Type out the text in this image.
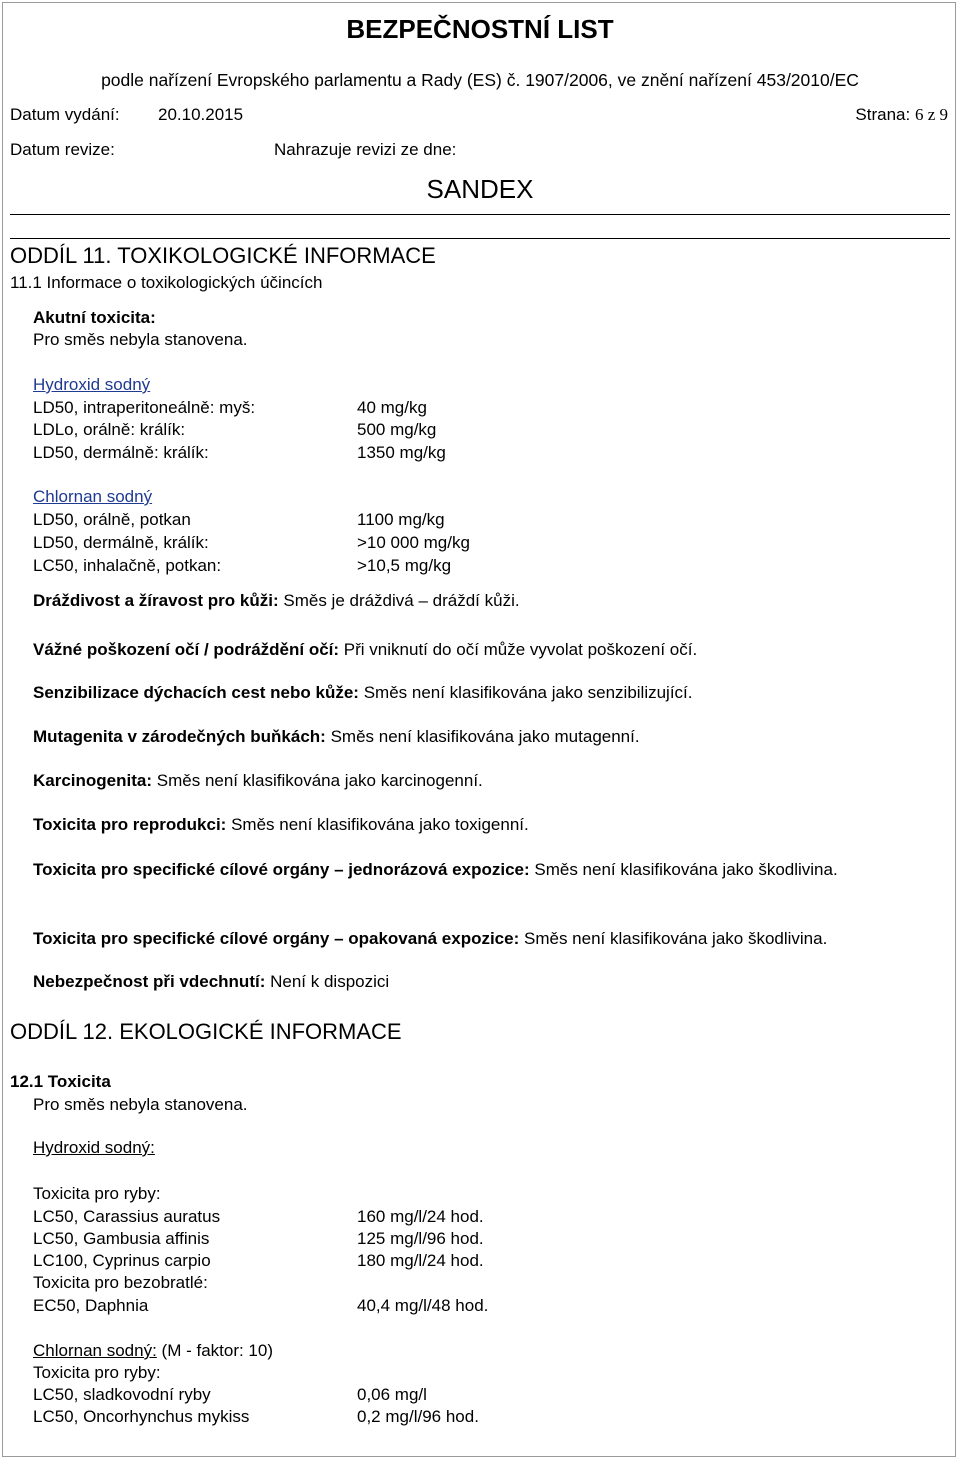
BEZPEČNOSTNÍ LIST
podle nařízení Evropského parlamentu a Rady (ES) č. 1907/2006, ve znění nařízení 453/2010/EC
Datum vydání: 20.10.2015	Strana: 6 z 9
Datum revize:	Nahrazuje revizi ze dne:
SANDEX
ODDÍL 11. TOXIKOLOGICKÉ INFORMACE
11.1 Informace o toxikologických účincích
Akutní toxicita:
Pro směs nebyla stanovena.
Hydroxid sodný
LD50, intraperitoneálně: myš:	40 mg/kg
LDLo, orálně: králík:	500 mg/kg
LD50, dermálně: králík:	1350 mg/kg
Chlornan sodný
LD50, orálně, potkan	1100 mg/kg
LD50, dermálně, králík:	>10 000 mg/kg
LC50, inhalačně, potkan:	>10,5 mg/kg
Dráždivost a žíravost pro kůži: Směs je dráždivá – dráždí kůži.
Vážné poškození očí / podráždění očí: Při vniknutí do očí může vyvolat poškození očí.
Senzibilizace dýchacích cest nebo kůže: Směs není klasifikována jako senzibilizující.
Mutagenita v zárodečných buňkách: Směs není klasifikována jako mutagenní.
Karcinogenita: Směs není klasifikována jako karcinogenní.
Toxicita pro reprodukci: Směs není klasifikována jako toxigenní.
Toxicita pro specifické cílové orgány – jednorázová expozice: Směs není klasifikována jako škodlivina.
Toxicita pro specifické cílové orgány – opakovaná expozice: Směs není klasifikována jako škodlivina.
Nebezpečnost při vdechnutí: Není k dispozici
ODDÍL 12. EKOLOGICKÉ INFORMACE
12.1 Toxicita
Pro směs nebyla stanovena.
Hydroxid sodný:
Toxicita pro ryby:
LC50, Carassius auratus	160 mg/l/24 hod.
LC50, Gambusia affinis	125 mg/l/96 hod.
LC100, Cyprinus carpio	180 mg/l/24 hod.
Toxicita pro bezobratlé:
EC50, Daphnia	40,4 mg/l/48 hod.
Chlornan sodný: (M - faktor: 10)
Toxicita pro ryby:
LC50, sladkovodní ryby	0,06 mg/l
LC50, Oncorhynchus mykiss	0,2 mg/l/96 hod.
